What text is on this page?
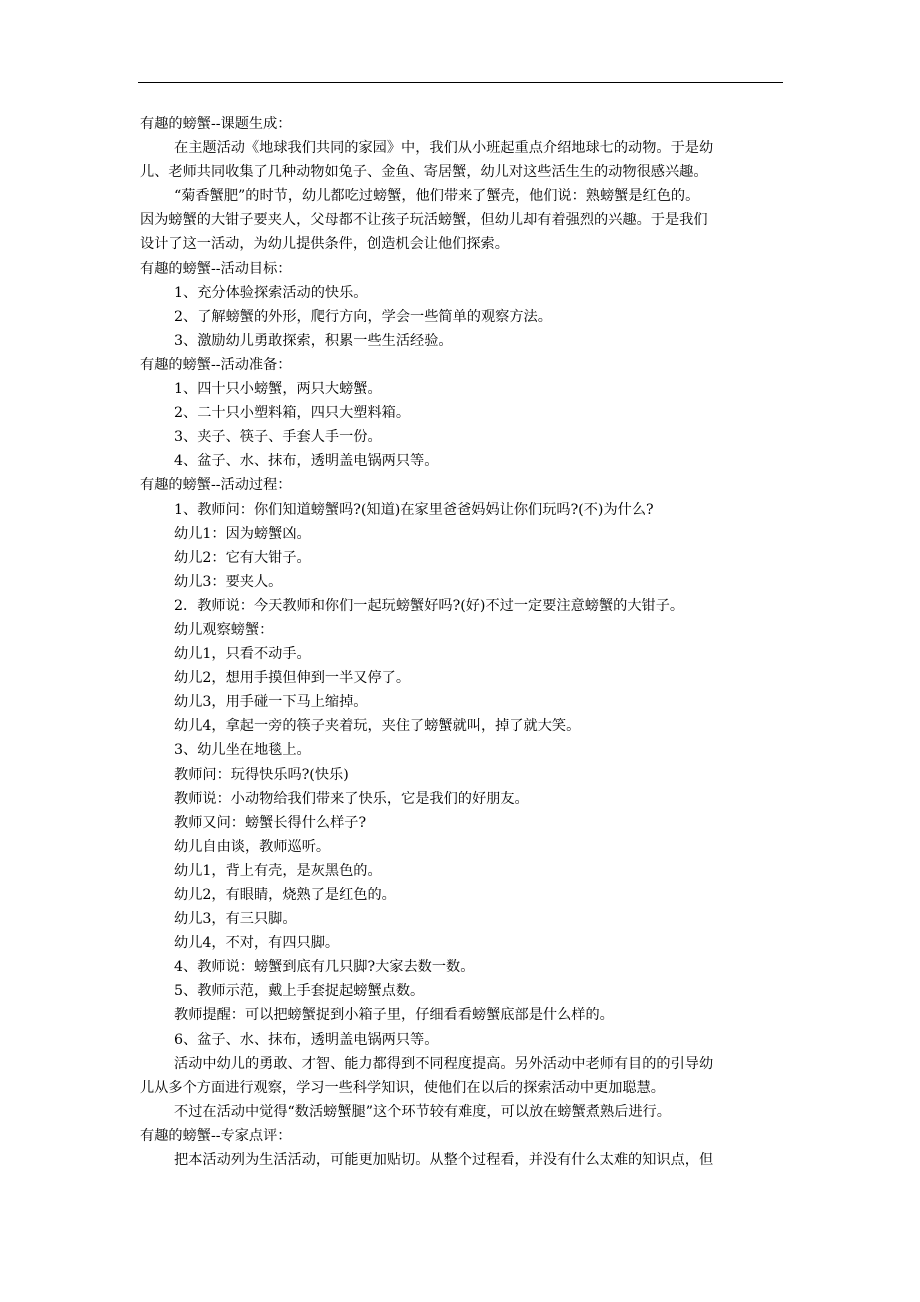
有趣的螃蟹--课题生成：
在主题活动《地球我们共同的家园》中，我们从小班起重点介绍地球七的动物。于是幼
儿、老师共同收集了几种动物如兔子、金鱼、寄居蟹，幼儿对这些活生生的动物很感兴趣。
“菊香蟹肥”的时节，幼儿都吃过螃蟹，他们带来了蟹壳，他们说：熟螃蟹是红色的。
因为螃蟹的大钳子要夹人，父母都不让孩子玩活螃蟹，但幼儿却有着强烈的兴趣。于是我们
设计了这一活动，为幼儿提供条件，创造机会让他们探索。
有趣的螃蟹--活动目标：
1、充分体验探索活动的快乐。
2、了解螃蟹的外形，爬行方向，学会一些简单的观察方法。
3、激励幼儿勇敢探索，积累一些生活经验。
有趣的螃蟹--活动准备：
1、四十只小螃蟹，两只大螃蟹。
2、二十只小塑料箱，四只大塑料箱。
3、夹子、筷子、手套人手一份。
4、盆子、水、抹布，透明盖电锅两只等。
有趣的螃蟹--活动过程：
1、教师问：你们知道螃蟹吗?(知道)在家里爸爸妈妈让你们玩吗?(不)为什么?
幼儿1：因为螃蟹凶。
幼儿2：它有大钳子。
幼儿3：要夹人。
2．教师说：今天教师和你们一起玩螃蟹好吗?(好)不过一定要注意螃蟹的大钳子。
幼儿观察螃蟹：
幼儿1，只看不动手。
幼儿2，想用手摸但伸到一半又停了。
幼儿3，用手碰一下马上缩掉。
幼儿4，拿起一旁的筷子夹着玩，夹住了螃蟹就叫，掉了就大笑。
3、幼儿坐在地毯上。
教师问：玩得快乐吗?(快乐)
教师说：小动物给我们带来了快乐，它是我们的好朋友。
教师又问：螃蟹长得什么样子?
幼儿自由谈，教师巡听。
幼儿1，背上有壳，是灰黑色的。
幼儿2，有眼睛，烧熟了是红色的。
幼儿3，有三只脚。
幼儿4，不对，有四只脚。
4、教师说：螃蟹到底有几只脚?大家去数一数。
5、教师示范，戴上手套捉起螃蟹点数。
教师提醒：可以把螃蟹捉到小箱子里，仔细看看螃蟹底部是什么样的。
6、盆子、水、抹布，透明盖电锅两只等。
活动中幼儿的勇敢、才智、能力都得到不同程度提高。另外活动中老师有目的的引导幼
儿从多个方面进行观察，学习一些科学知识，使他们在以后的探索活动中更加聪慧。
不过在活动中觉得“数活螃蟹腿”这个环节较有难度，可以放在螃蟹煮熟后进行。
有趣的螃蟹--专家点评：
把本活动列为生活活动，可能更加贴切。从整个过程看，并没有什么太难的知识点，但
